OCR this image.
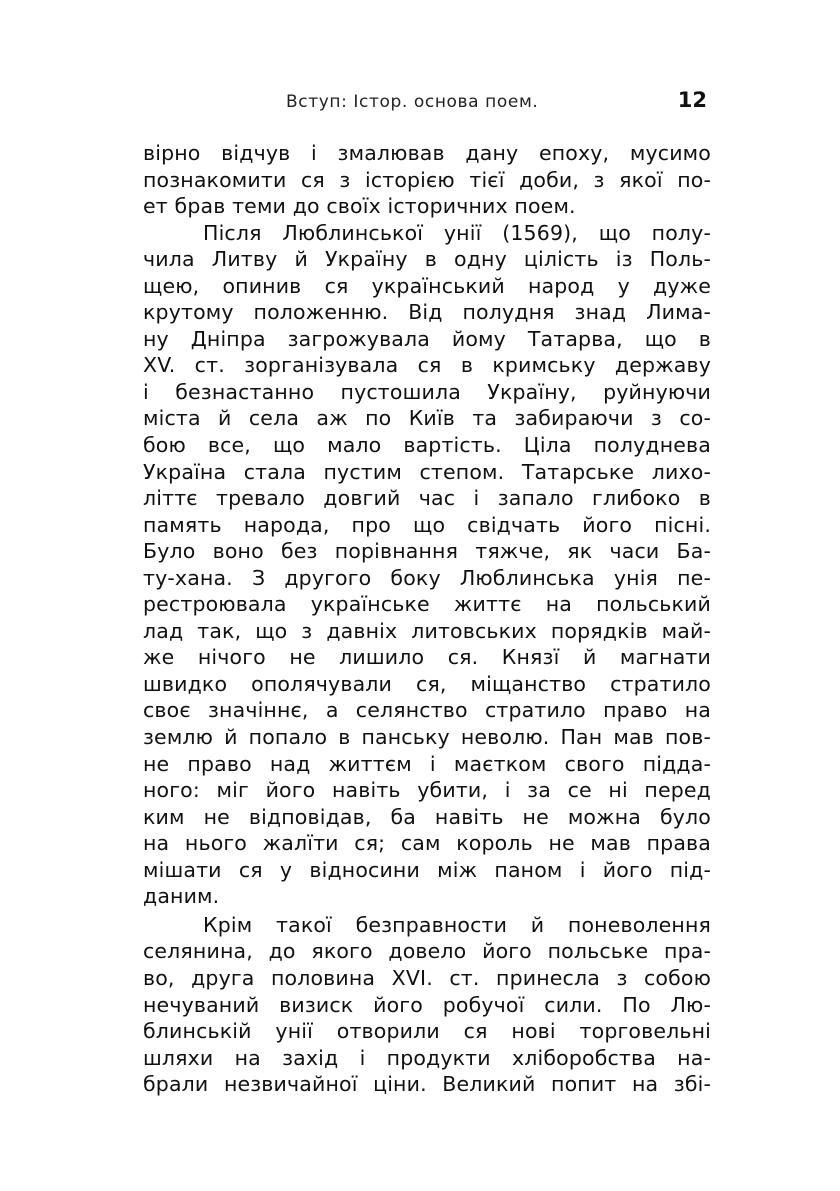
Вступ: Істор. основа поем.	12
вірно відчув і змалював дану епоху, мусимо
познакомити ся з історією тієї доби, з якої по-
ет брав теми до своїх історичних поем.
Після Люблинської унії (1569), що полу-
чила Литву й Україну в одну цілість із Поль-
щею, опинив ся український народ у дуже
крутому положенню. Від полудня знад Лима-
ну Дніпра загрожувала йому Татарва, що в
XV. ст. зорганізувала ся в кримську державу
і безнастанно пустошила Україну, руйнуючи
міста й села аж по Київ та забираючи з со-
бою все, що мало вартість. Ціла полуднева
Україна стала пустим степом. Татарське лихо-
літтє тревало довгий час і запало глибоко в
память народа, про що свідчать його пісні.
Було воно без порівнання тяжче, як часи Ба-
ту-хана. З другого боку Люблинська унія пе-
рестроювала українське життє на польський
лад так, що з давніх литовських порядків май-
же нічого не лишило ся. Князї й магнати
швидко ополячували ся, міщанство стратило
своє значіннє, а селянство стратило право на
землю й попало в панську неволю. Пан мав пов-
не право над життєм і маєтком свого підда-
ного: міг його навіть убити, і за се ні перед
ким не відповідав, ба навіть не можна було
на нього жалїти ся; сам король не мав права
мішати ся у відносини між паном і його під-
даним.
Крім такої безправности й поневолення
селянина, до якого довело його польське пра-
во, друга половина XVI. ст. принесла з собою
нечуваний визиск його робучої сили. По Лю-
блинській унії отворили ся нові торговельні
шляхи на захід і продукти хліборобства на-
брали незвичайної ціни. Великий попит на збі-
